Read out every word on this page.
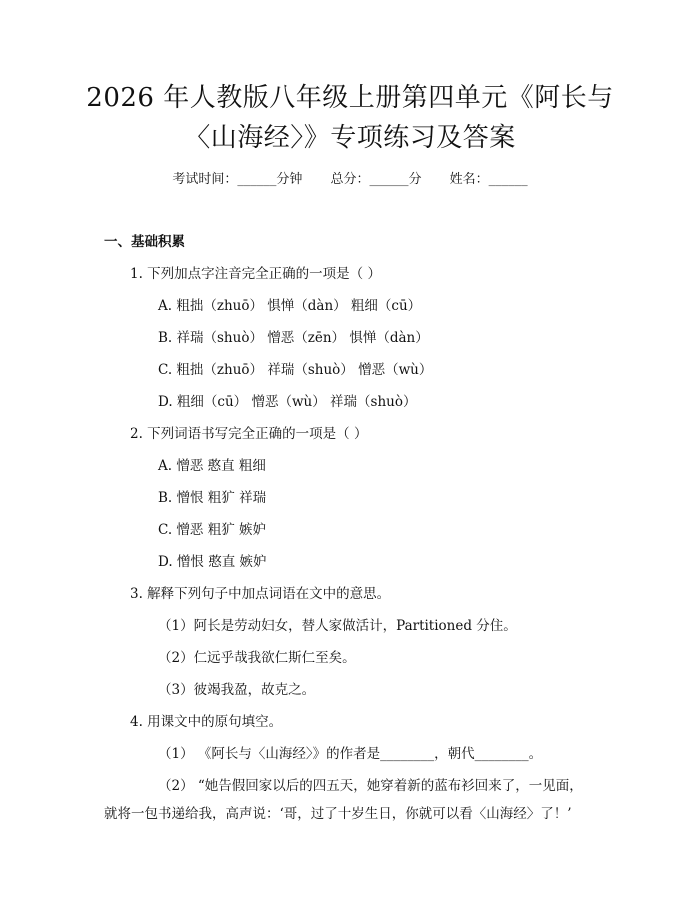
2026 年人教版八年级上册第四单元《阿长与
〈山海经〉》专项练习及答案
考试时间：______分钟 总分：______分 姓名：______
一、基础积累
1. 下列加点字注音完全正确的一项是（ ）
A. 粗拙（zhuō） 惧惮（dàn） 粗细（cū）
B. 祥瑞（shuò） 憎恶（zēn） 惧惮（dàn）
C. 粗拙（zhuō） 祥瑞（shuò） 憎恶（wù）
D. 粗细（cū） 憎恶（wù） 祥瑞（shuò）
2. 下列词语书写完全正确的一项是（ ）
A. 憎恶 憨直 粗细
B. 憎恨 粗犷 祥瑞
C. 憎恶 粗犷 嫉妒
D. 憎恨 憨直 嫉妒
3. 解释下列句子中加点词语在文中的意思。
（1）阿长是劳动妇女，替人家做活计，Partitioned 分住。
（2）仁远乎哉我欲仁斯仁至矣。
（3）彼竭我盈，故克之。
4. 用课文中的原句填空。
（1） 《阿长与〈山海经〉》的作者是________，朝代________。
（2） “她告假回家以后的四五天，她穿着新的蓝布衫回来了，一见面，
就将一包书递给我，高声说：‘哥，过了十岁生日，你就可以看〈山海经〉了！’
